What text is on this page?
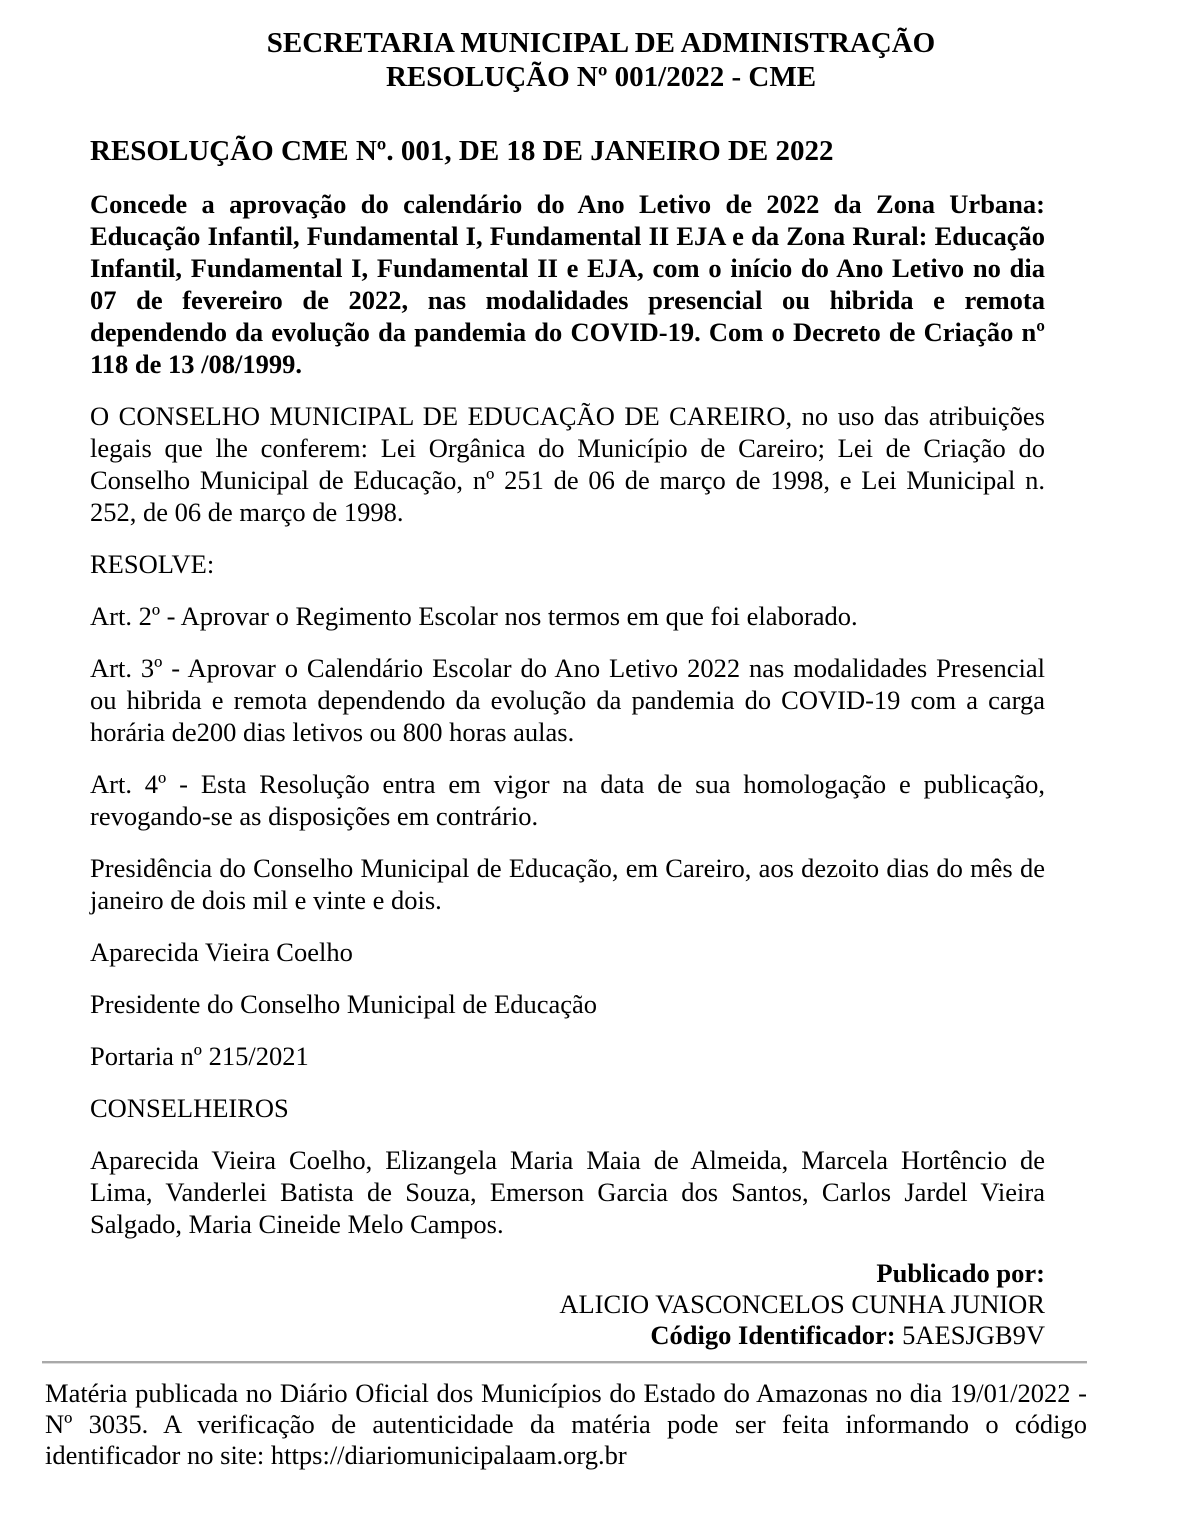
SECRETARIA MUNICIPAL DE ADMINISTRAÇÃO
RESOLUÇÃO Nº 001/2022 - CME
RESOLUÇÃO CME Nº. 001, DE 18 DE JANEIRO DE 2022

Concede a aprovação do calendário do Ano Letivo de 2022 da Zona Urbana: Educação Infantil, Fundamental I, Fundamental II EJA e da Zona Rural: Educação Infantil, Fundamental I, Fundamental II e EJA, com o início do Ano Letivo no dia 07 de fevereiro de 2022, nas modalidades presencial ou hibrida e remota dependendo da evolução da pandemia do COVID-19. Com o Decreto de Criação nº 118 de 13 /08/1999.

O CONSELHO MUNICIPAL DE EDUCAÇÃO DE CAREIRO, no uso das atribuições legais que lhe conferem: Lei Orgânica do Município de Careiro; Lei de Criação do Conselho Municipal de Educação, nº 251 de 06 de março de 1998, e Lei Municipal n. 252, de 06 de março de 1998.

RESOLVE:

Art. 2º - Aprovar o Regimento Escolar nos termos em que foi elaborado.

Art. 3º - Aprovar o Calendário Escolar do Ano Letivo 2022 nas modalidades Presencial ou hibrida e remota dependendo da evolução da pandemia do COVID-19 com a carga horária de200 dias letivos ou 800 horas aulas.

Art. 4º - Esta Resolução entra em vigor na data de sua homologação e publicação, revogando-se as disposições em contrário.

Presidência do Conselho Municipal de Educação, em Careiro, aos dezoito dias do mês de janeiro de dois mil e vinte e dois.

Aparecida Vieira Coelho

Presidente do Conselho Municipal de Educação

Portaria nº 215/2021

CONSELHEIROS

Aparecida Vieira Coelho, Elizangela Maria Maia de Almeida, Marcela Hortêncio de Lima, Vanderlei Batista de Souza, Emerson Garcia dos Santos, Carlos Jardel Vieira Salgado, Maria Cineide Melo Campos.

Publicado por:
ALICIO VASCONCELOS CUNHA JUNIOR
Código Identificador: 5AESJGB9V

Matéria publicada no Diário Oficial dos Municípios do Estado do Amazonas no dia 19/01/2022 - Nº 3035. A verificação de autenticidade da matéria pode ser feita informando o código identificador no site: https://diariomunicipalaam.org.br
